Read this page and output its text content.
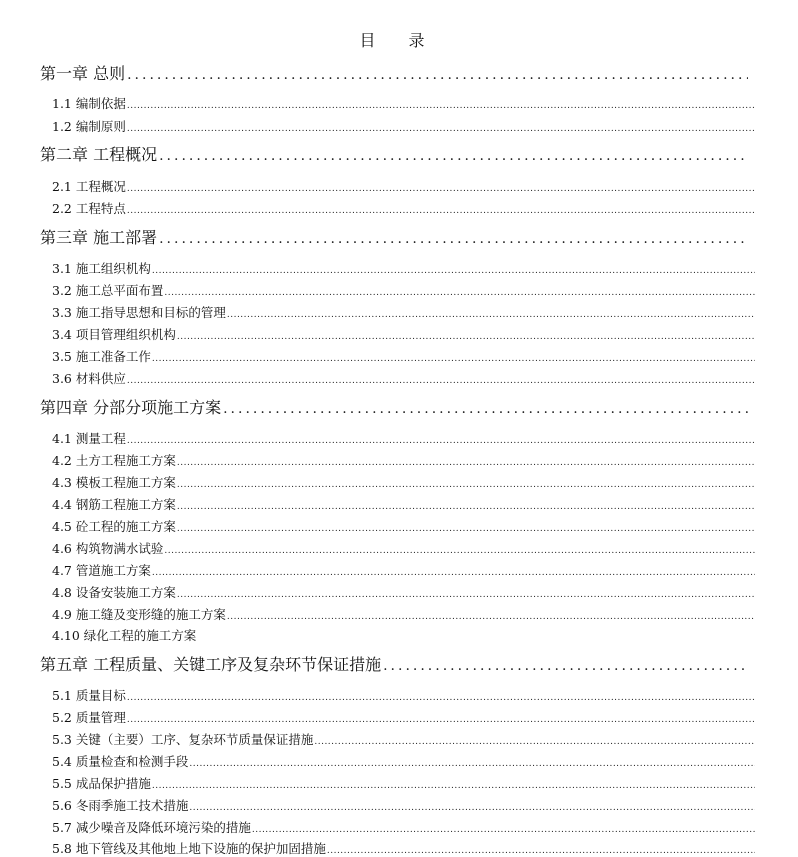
目 录
第一章 总则
.....
1.1 编制依据
.....
1.2 编制原则
.....
第二章 工程概况
.....
2.1 工程概况
.....
2.2 工程特点
.....
第三章 施工部署
.....
3.1 施工组织机构
.....
3.2 施工总平面布置
.....
3.3 施工指导思想和目标的管理
.....
3.4 项目管理组织机构
.....
3.5 施工准备工作
.....
3.6 材料供应
.....
第四章 分部分项施工方案
.....
4.1 测量工程
.....
4.2 土方工程施工方案
.....
4.3 模板工程施工方案
.....
4.4 钢筋工程施工方案
.....
4.5 砼工程的施工方案
.....
4.6 构筑物满水试验
.....
4.7 管道施工方案
.....
4.8 设备安装施工方案
.....
4.9 施工缝及变形缝的施工方案
.....
4.10 绿化工程的施工方案
第五章 工程质量、关键工序及复杂环节保证措施
.....
5.1 质量目标
.....
5.2 质量管理
.....
5.3 关键（主要）工序、复杂环节质量保证措施
.....
5.4 质量检查和检测手段
.....
5.5 成品保护措施
.....
5.6 冬雨季施工技术措施
.....
5.7 减少噪音及降低环境污染的措施
.....
5.8 地下管线及其他地上地下设施的保护加固措施
.....
